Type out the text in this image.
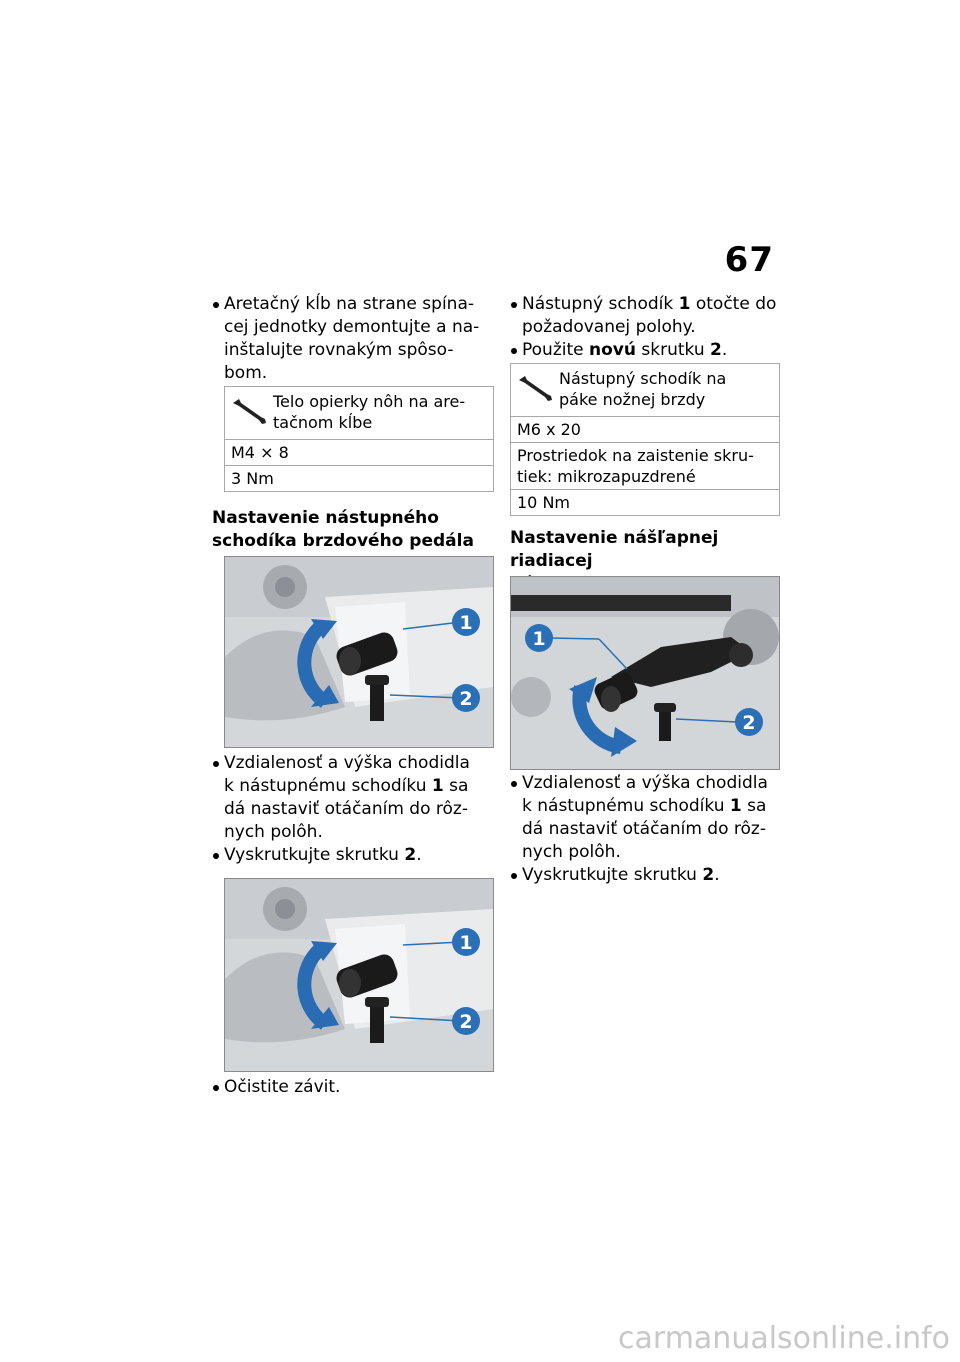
67
Aretačný kĺb na strane spína-
cej jednotky demontujte a na-
inštalujte rovnakým spôso-
bom.
Telo opierky nôh na are-
tačnom kĺbe
M4 × 8
3 Nm
Nastavenie nástupného
schodíka brzdového pedála
1
2
Vzdialenosť a výška chodidla
k nástupnému schodíku 1 sa
dá nastaviť otáčaním do rôz-
nych polôh.
Vyskrutkujte skrutku 2.
1
2
Očistite závit.
Nástupný schodík 1 otočte do
požadovanej polohy.
Použite novú skrutku 2.
Nástupný schodík na
páke nožnej brzdy
M6 x 20
Prostriedok na zaistenie skru-
tiek: mikrozapuzdrené
10 Nm
Nastavenie nášľapnej riadiacej
1
2
Vzdialenosť a výška chodidla
k nástupnému schodíku 1 sa
dá nastaviť otáčaním do rôz-
nych polôh.
Vyskrutkujte skrutku 2.
carmanualsonline.info
